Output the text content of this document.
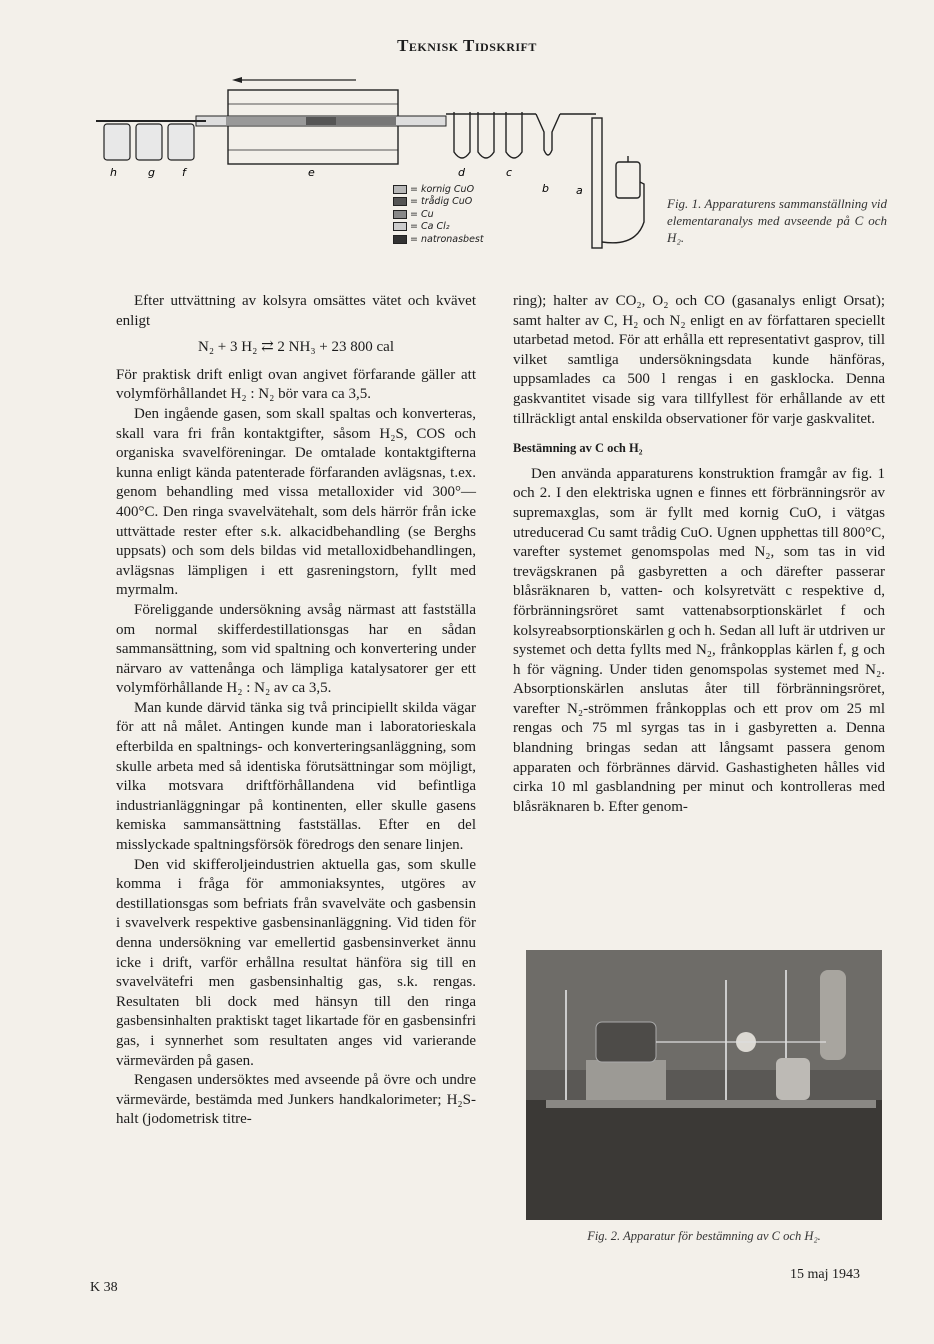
Teknisk Tidskrift
h	g f	e	d	c
b a
= kornig CuO
= trådig CuO
= Cu
= Ca Cl₂
= natronasbest
Fig. 1. Apparaturens sammanställning vid elementaranalys med avseende på C och H₂.

Efter uttvättning av kolsyra omsättes vätet och kvävet enligt

N₂ + 3 H₂ ⇄ 2 NH₃ + 23 800 cal

För praktisk drift enligt ovan angivet förfarande gäller att volymförhållandet H₂ : N₂ bör vara ca 3,5.

Den ingående gasen, som skall spaltas och konverteras, skall vara fri från kontaktgifter, såsom H₂S, COS och organiska svavelföreningar. De omtalade kontaktgifterna kunna enligt kända patenterade förfaranden avlägsnas, t.ex. genom behandling med vissa metalloxider vid 300°—400°C. Den ringa svavelvätehalt, som dels härrör från icke uttvättade rester efter s.k. alkacidbehandling (se Berghs uppsats) och som dels bildas vid metalloxidbehandlingen, avlägsnas lämpligen i ett gasreningstorn, fyllt med myrmalm.

Föreliggande undersökning avsåg närmast att fastställa om normal skifferdestillationsgas har en sådan sammansättning, som vid spaltning och konvertering under närvaro av vattenånga och lämpliga katalysatorer ger ett volymförhållande H₂ : N₂ av ca 3,5.

Man kunde därvid tänka sig två principiellt skilda vägar för att nå målet. Antingen kunde man i laboratorieskala efterbilda en spaltnings- och konverteringsanläggning, som skulle arbeta med så identiska förutsättningar som möjligt, vilka motsvara driftförhållandena vid befintliga industrianläggningar på kontinenten, eller skulle gasens kemiska sammansättning fastställas. Efter en del misslyckade spaltningsförsök föredrogs den senare linjen.

Den vid skifferoljeindustrien aktuella gas, som skulle komma i fråga för ammoniaksyntes, utgöres av destillationsgas som befriats från svavelväte och gasbensin i svavelverk respektive gasbensinanläggning. Vid tiden för denna undersökning var emellertid gasbensinverket ännu icke i drift, varför erhållna resultat hänföra sig till en svavelvätefri men gasbensinhaltig gas, s.k. rengas. Resultaten bli dock med hänsyn till den ringa gasbensinhalten praktiskt taget likartade för en gasbensinfri gas, i synnerhet som resultaten anges vid varierande värmevärden på gasen.

Rengasen undersöktes med avseende på övre och undre värmevärde, bestämda med Junkers handkalorimeter; H₂S-halt (jodometrisk titre-

ring); halter av CO₂, O₂ och CO (gasanalys enligt Orsat); samt halter av C, H₂ och N₂ enligt en av författaren speciellt utarbetad metod. För att erhålla ett representativt gasprov, till vilket samtliga undersökningsdata kunde hänföras, uppsamlades ca 500 l rengas i en gasklocka. Denna gaskvantitet visade sig vara tillfyllest för erhållande av ett tillräckligt antal enskilda observationer för varje gaskvalitet.

Bestämning av C och H₂

Den använda apparaturens konstruktion framgår av fig. 1 och 2. I den elektriska ugnen e finnes ett förbränningsrör av supremaxglas, som är fyllt med kornig CuO, i vätgas utreducerad Cu samt trådig CuO. Ugnen upphettas till 800°C, varefter systemet genomspolas med N₂, som tas in vid trevägskranen på gasbyretten a och därefter passerar blåsräknaren b, vatten- och kolsyretvätt c respektive d, förbränningsröret samt vattenabsorptionskärlet f och kolsyreabsorptionskärlen g och h. Sedan all luft är utdriven ur systemet och detta fyllts med N₂, frånkopplas kärlen f, g och h för vägning. Under tiden genomspolas systemet med N₂. Absorptionskärlen anslutas åter till förbränningsröret, varefter N₂-strömmen frånkopplas och ett prov om 25 ml rengas och 75 ml syrgas tas in i gasbyretten a. Denna blandning bringas sedan att långsamt passera genom apparaten och förbrännes därvid. Gashastigheten hålles vid cirka 10 ml gasblandning per minut och kontrolleras med blåsräknaren b. Efter genom-

Fig. 2. Apparatur för bestämning av C och H₂.
K 38
15 maj 1943
